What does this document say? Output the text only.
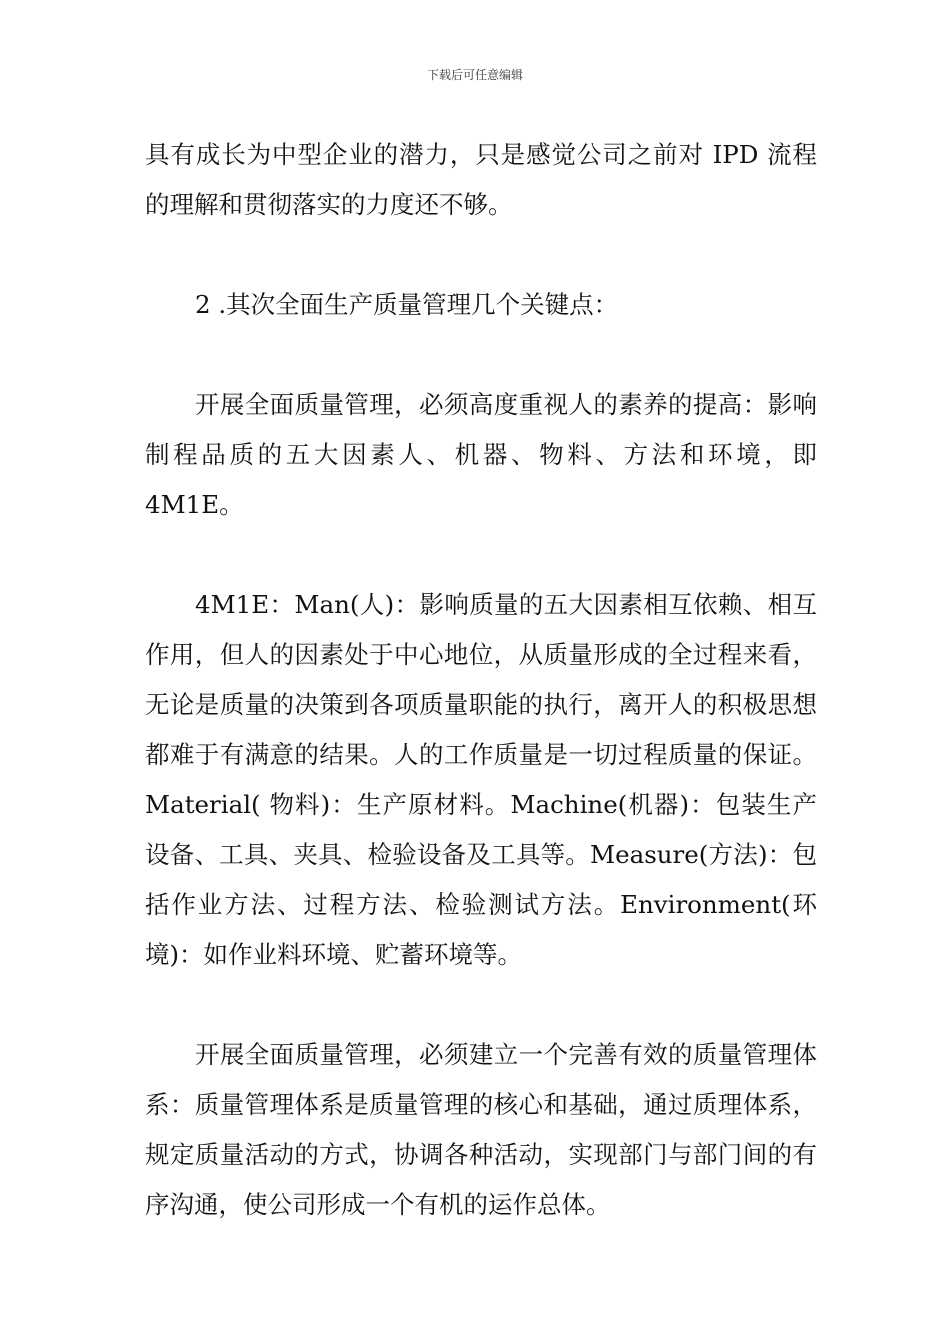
下载后可任意编辑

具有成长为中型企业的潜力，只是感觉公司之前对 IPD 流程的理解和贯彻落实的力度还不够。

2 .其次全面生产质量管理几个关键点：

开展全面质量管理，必须高度重视人的素养的提高：影响制程品质的五大因素人、机器、物料、方法和环境，即 4M1E。

4M1E：Man(人)：影响质量的五大因素相互依赖、相互作用，但人的因素处于中心地位，从质量形成的全过程来看，无论是质量的决策到各项质量职能的执行，离开人的积极思想都难于有满意的结果。人的工作质量是一切过程质量的保证。Material( 物料)：生产原材料。Machine(机器)：包装生产设备、工具、夹具、检验设备及工具等。Measure(方法)：包括作业方法、过程方法、检验测试方法。Environment(环境)：如作业料环境、贮蓄环境等。

开展全面质量管理，必须建立一个完善有效的质量管理体系：质量管理体系是质量管理的核心和基础，通过质理体系，规定质量活动的方式，协调各种活动，实现部门与部门间的有序沟通，使公司形成一个有机的运作总体。
